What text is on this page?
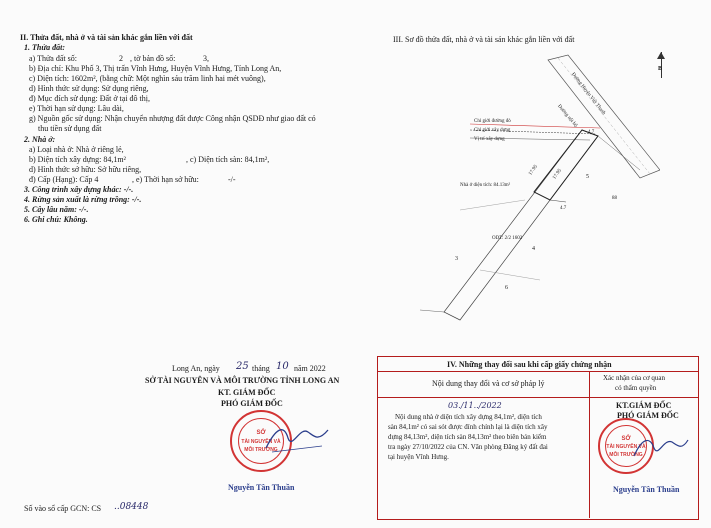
II. Thửa đất, nhà ở và tài sản khác gắn liền với đất
1. Thửa đất:
a) Thửa đất số:	2 , tờ bản đồ số:	3,
b) Địa chỉ: Khu Phố 3, Thị trấn Vĩnh Hưng, Huyện Vĩnh Hưng, Tỉnh Long An,
c) Diện tích: 1602m², (bằng chữ: Một nghìn sáu trăm linh hai mét vuông),
d) Hình thức sử dụng: Sử dụng riêng,
đ) Mục đích sử dụng: Đất ở tại đô thị,
e) Thời hạn sử dụng: Lâu dài,
g) Nguồn gốc sử dụng: Nhận chuyển nhượng đất được Công nhận QSDĐ như giao đất có
thu tiền sử dụng đất
2. Nhà ở:
a) Loại nhà ở: Nhà ở riêng lẻ,
b) Diện tích xây dựng: 84,1m²	, c) Diện tích sàn: 84,1m²,
d) Hình thức sở hữu: Sở hữu riêng,
đ) Cấp (Hạng): Cấp 4	, e) Thời hạn sở hữu:	-/-
3. Công trình xây dựng khác: -/-.
4. Rừng sản xuất là rừng trồng: -/-.
5. Cây lâu năm: -/-.
6. Ghi chú: Không.
Long An, ngày 25 tháng 10 năm 2022
SỞ TÀI NGUYÊN VÀ MÔI TRƯỜNG TỈNH LONG AN
KT. GIÁM ĐỐC
PHÓ GIÁM ĐỐC
SỞ
TÀI NGUYÊN VÀ
MÔI TRƯỜNG
Nguyễn Tân Thuần
Số vào sổ cấp GCN: CS ..08448
III. Sơ đồ thửa đất, nhà ở và tài sản khác gắn liền với đất
B
Đường Huyện Việt Thanh
Đường nội bộ
Chỉ giới đường đỏ
Chỉ giới xây dựng
Vị trí xây dựng
Nhà ở diện tích: 84.13m²
ODT: 2/2 1602
4.7
17.95	17.95
4.7
88
3
4
5
6
IV. Những thay đổi sau khi cấp giấy chứng nhận
Nội dung thay đổi và cơ sở pháp lý
Xác nhận của cơ quan
có thẩm quyền
03./11../2022
Nội dung nhà ở diện tích xây dựng 84,1m², diện tích
sàn 84,1m² có sai sót được đính chính lại là diện tích xây
dựng 84,13m², diện tích sàn 84,13m² theo biên bản kiểm
tra ngày 27/10/2022 của CN. Văn phòng Đăng ký đất đai
tại huyện Vĩnh Hưng.
KT.GIÁM ĐỐC
PHÓ GIÁM ĐỐC
SỞ
TÀI NGUYÊN VÀ
MÔI TRƯỜNG
Nguyễn Tân Thuần
